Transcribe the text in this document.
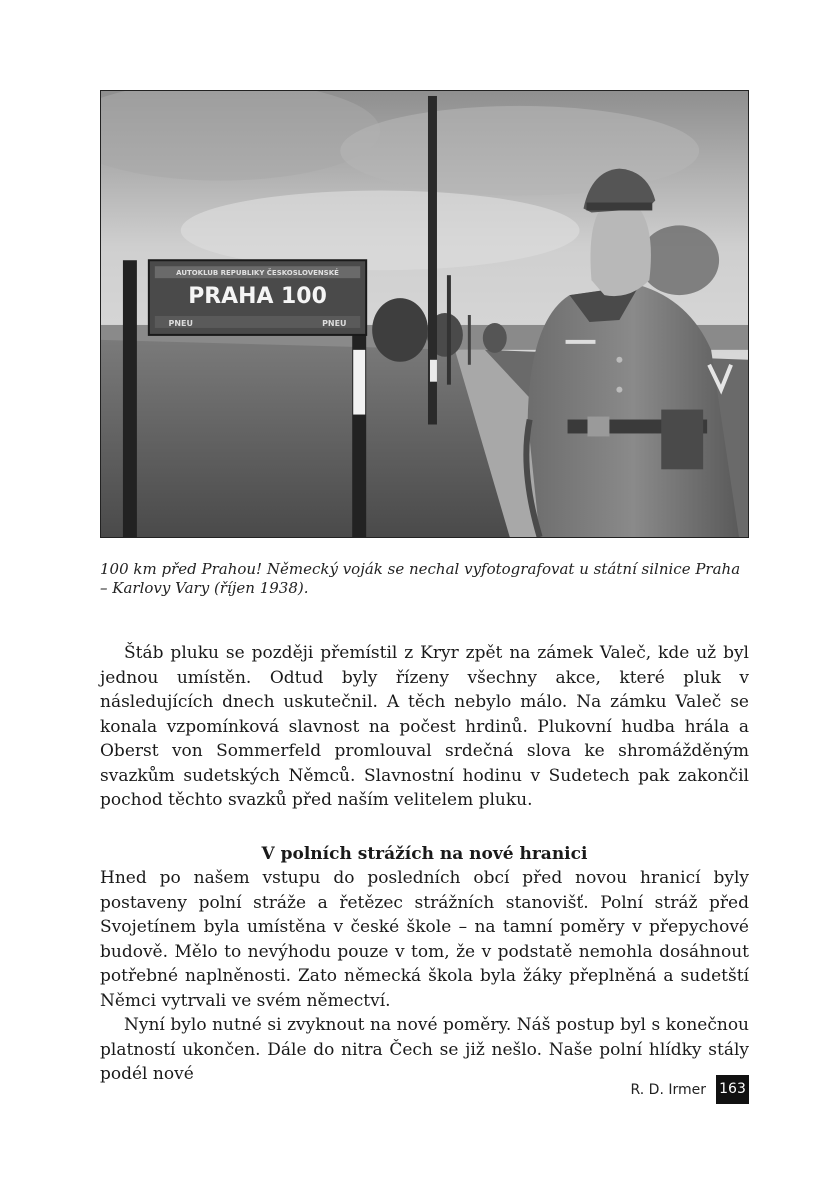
AUTOKLUB REPUBLIKY ČESKOSLOVENSKÉ
PRAHA 100
PNEU	PNEU
100 km před Prahou! Německý voják se nechal vyfotografovat u státní silnice Praha – Karlovy Vary (říjen 1938).

Štáb pluku se později přemístil z Kryr zpět na zámek Valeč, kde už byl jednou umístěn. Odtud byly řízeny všechny akce, které pluk v následujících dnech uskutečnil. A těch nebylo málo. Na zámku Valeč se konala vzpomínková slavnost na počest hrdinů. Plukovní hudba hrála a Oberst von Sommerfeld promlouval srdečná slova ke shromážděným svazkům sudetských Němců. Slavnostní hodinu v Sudetech pak zakončil pochod těchto svazků před naším velitelem pluku.

V polních strážích na nové hranici

Hned po našem vstupu do posledních obcí před novou hranicí byly postaveny polní stráže a řetězec strážních stanovišť. Polní stráž před Svojetínem byla umístěna v české škole – na tamní poměry v přepychové budově. Mělo to nevýhodu pouze v tom, že v podstatě nemohla dosáhnout potřebné naplněnosti. Zato německá škola byla žáky přeplněná a sudetští Němci vytrvali ve svém němectví.

Nyní bylo nutné si zvyknout na nové poměry. Náš postup byl s konečnou platností ukončen. Dále do nitra Čech se již nešlo. Naše polní hlídky stály podél nové

R. D. Irmer 163
